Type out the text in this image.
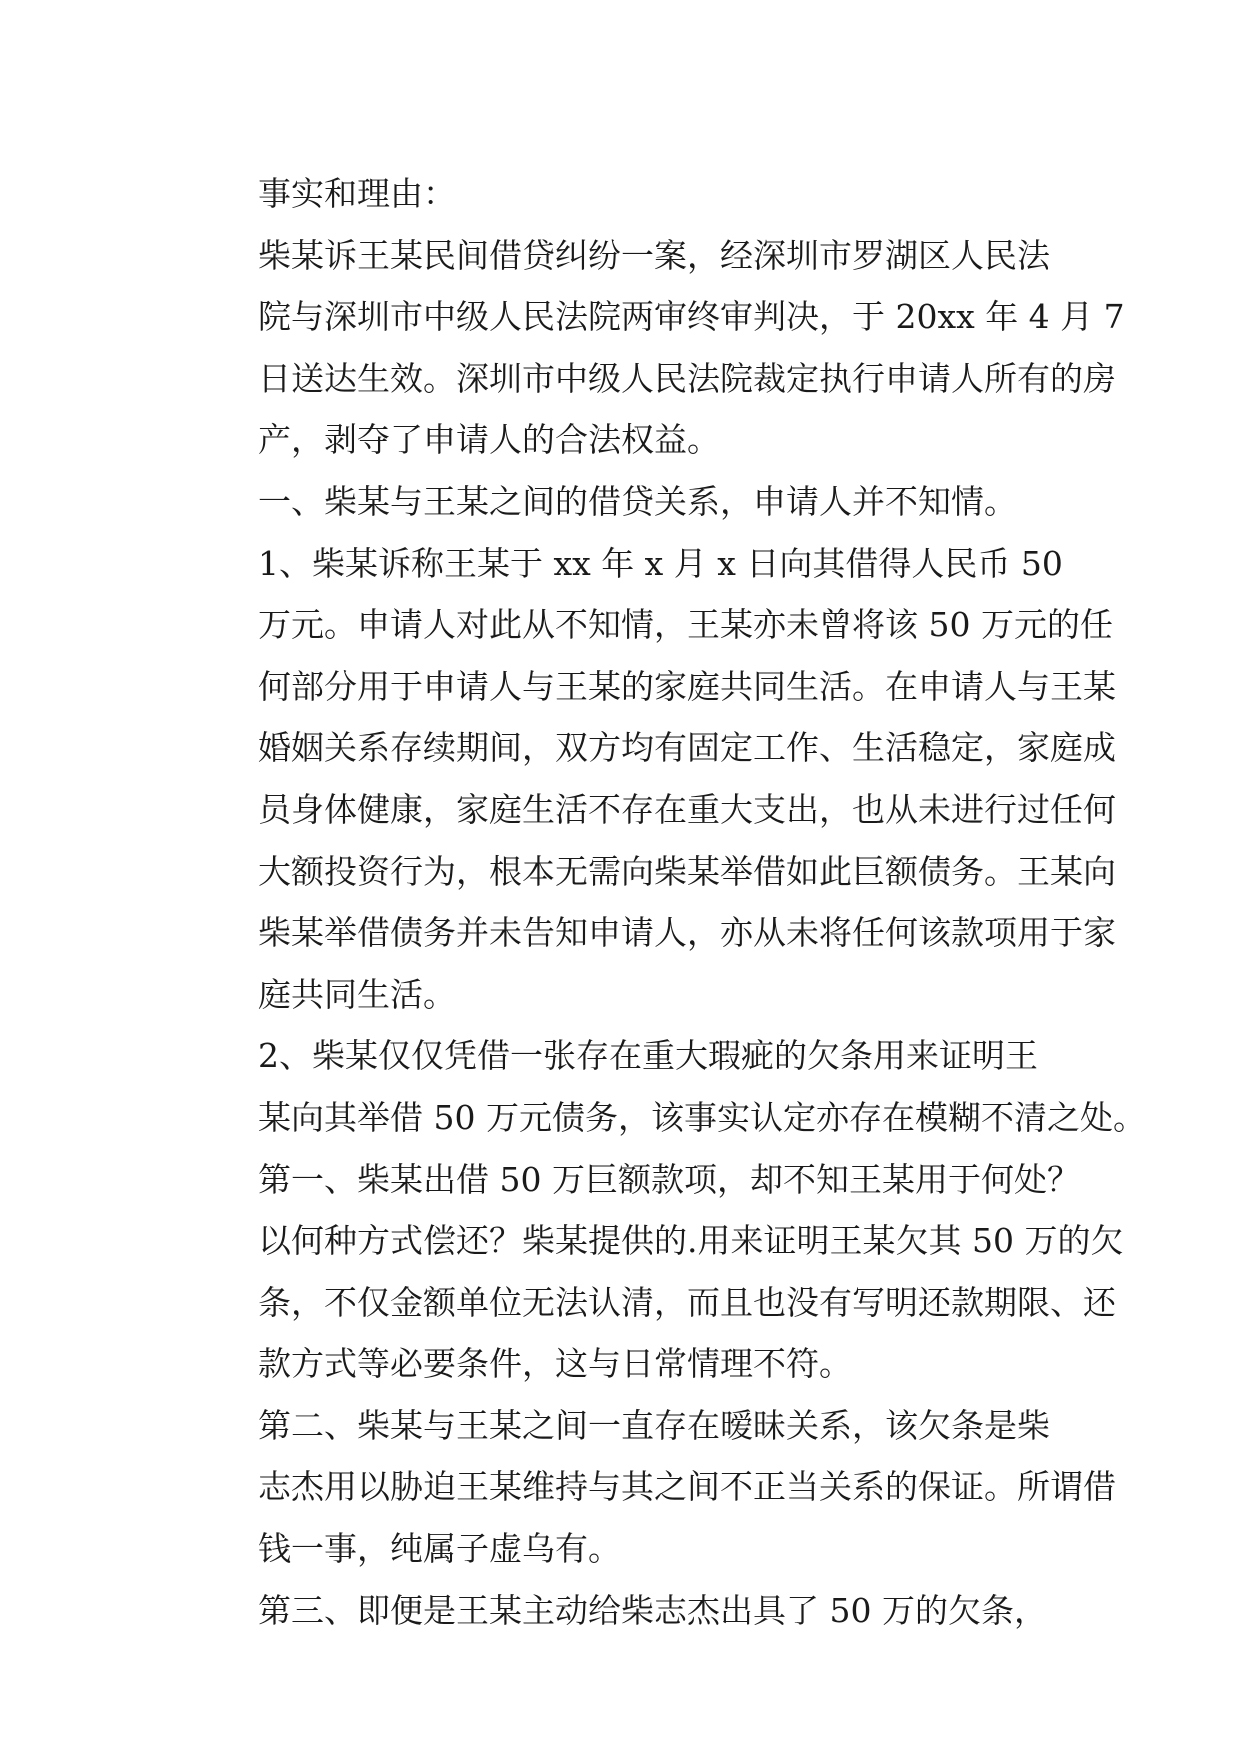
事实和理由：

柴某诉王某民间借贷纠纷一案，经深圳市罗湖区人民法
院与深圳市中级人民法院两审终审判决，于 20xx 年 4 月 7
日送达生效。深圳市中级人民法院裁定执行申请人所有的房
产，剥夺了申请人的合法权益。

一、柴某与王某之间的借贷关系，申请人并不知情。

1、柴某诉称王某于 xx 年 x 月 x 日向其借得人民币 50
万元。申请人对此从不知情，王某亦未曾将该 50 万元的任
何部分用于申请人与王某的家庭共同生活。在申请人与王某
婚姻关系存续期间，双方均有固定工作、生活稳定，家庭成
员身体健康，家庭生活不存在重大支出，也从未进行过任何
大额投资行为，根本无需向柴某举借如此巨额债务。王某向
柴某举借债务并未告知申请人，亦从未将任何该款项用于家
庭共同生活。

2、柴某仅仅凭借一张存在重大瑕疵的欠条用来证明王
某向其举借 50 万元债务，该事实认定亦存在模糊不清之处。

第一、柴某出借 50 万巨额款项，却不知王某用于何处？
以何种方式偿还？柴某提供的.用来证明王某欠其 50 万的欠
条，不仅金额单位无法认清，而且也没有写明还款期限、还
款方式等必要条件，这与日常情理不符。

第二、柴某与王某之间一直存在暧昧关系，该欠条是柴
志杰用以胁迫王某维持与其之间不正当关系的保证。所谓借
钱一事，纯属子虚乌有。

第三、即便是王某主动给柴志杰出具了 50 万的欠条，
